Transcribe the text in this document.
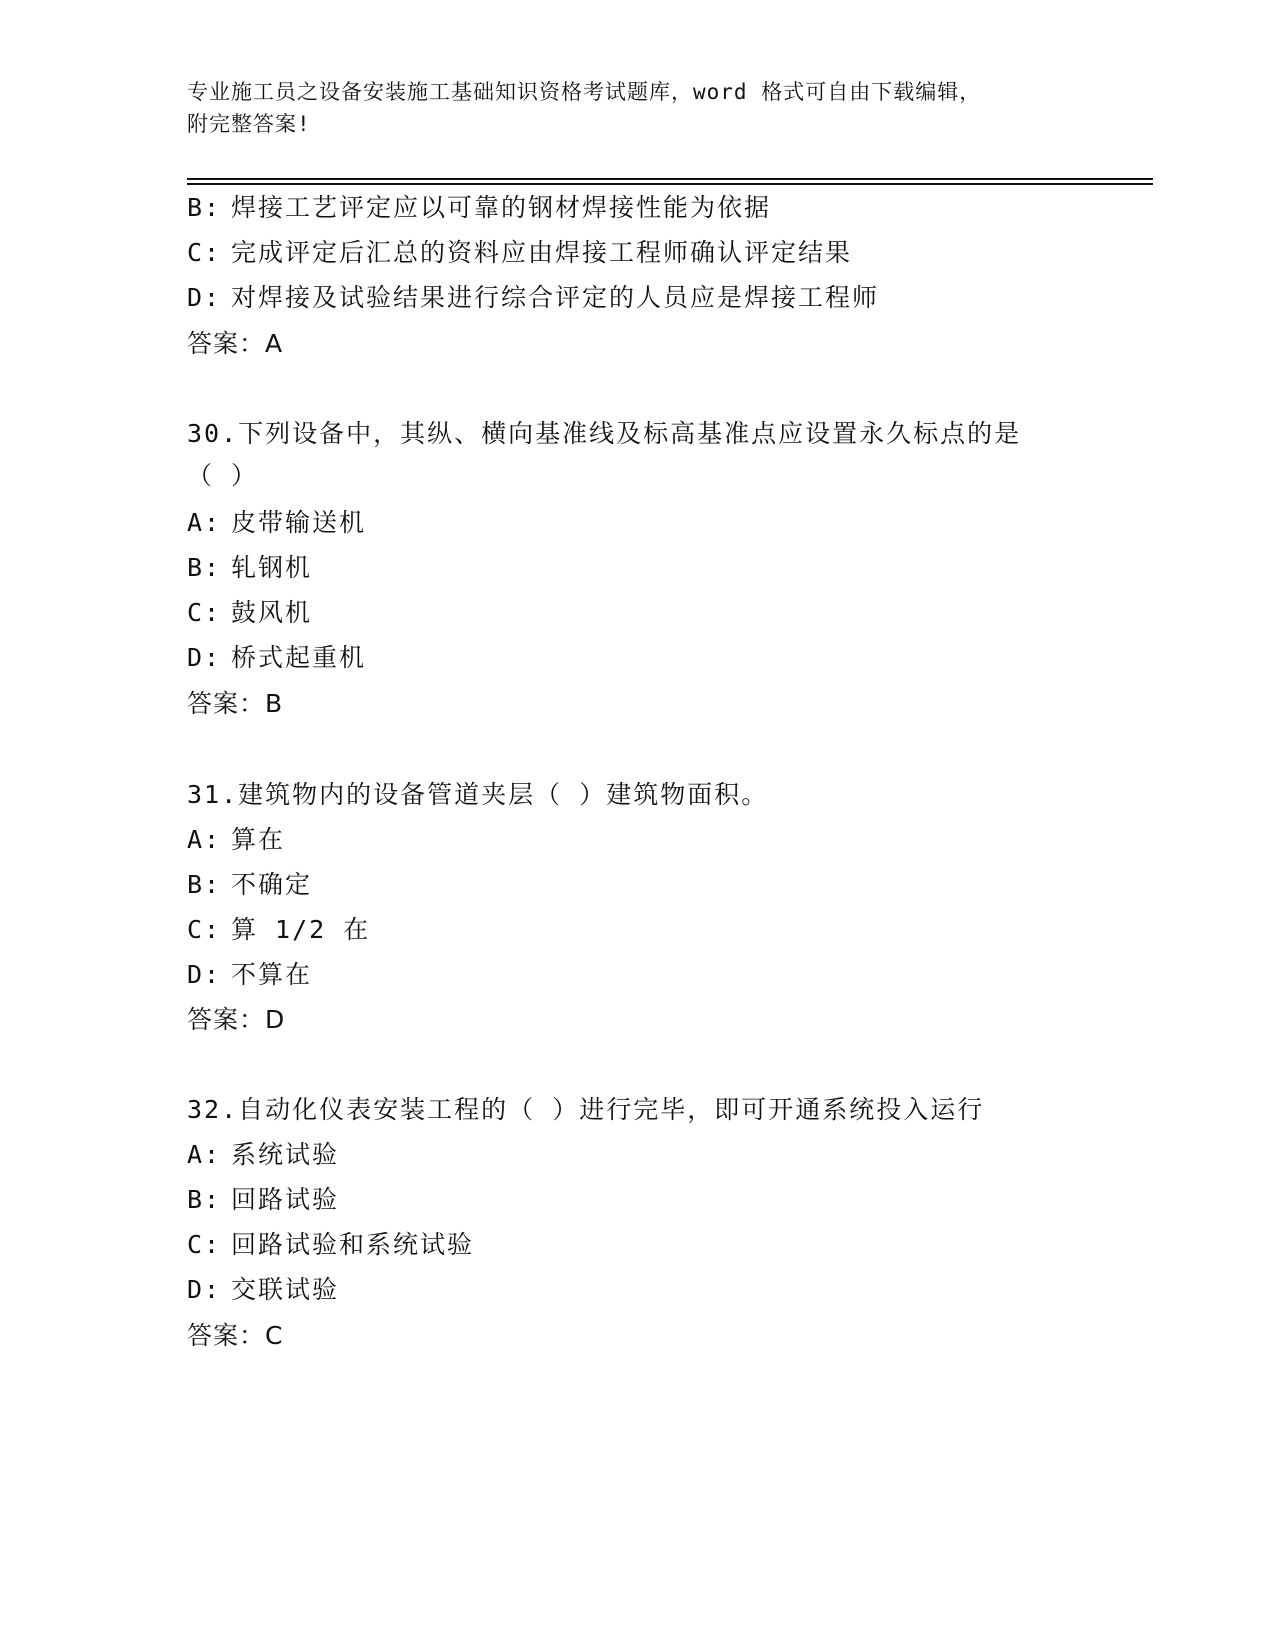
专业施工员之设备安装施工基础知识资格考试题库，word 格式可自由下载编辑，
附完整答案!
B: 焊接工艺评定应以可靠的钢材焊接性能为依据
C: 完成评定后汇总的资料应由焊接工程师确认评定结果
D: 对焊接及试验结果进行综合评定的人员应是焊接工程师
答案：A
30.下列设备中，其纵、横向基准线及标高基准点应设置永久标点的是
（ ）
A: 皮带输送机
B: 轧钢机
C: 鼓风机
D: 桥式起重机
答案：B
31.建筑物内的设备管道夹层（ ）建筑物面积。
A: 算在
B: 不确定
C: 算 1/2 在
D: 不算在
答案：D
32.自动化仪表安装工程的（ ）进行完毕，即可开通系统投入运行
A: 系统试验
B: 回路试验
C: 回路试验和系统试验
D: 交联试验
答案：C
